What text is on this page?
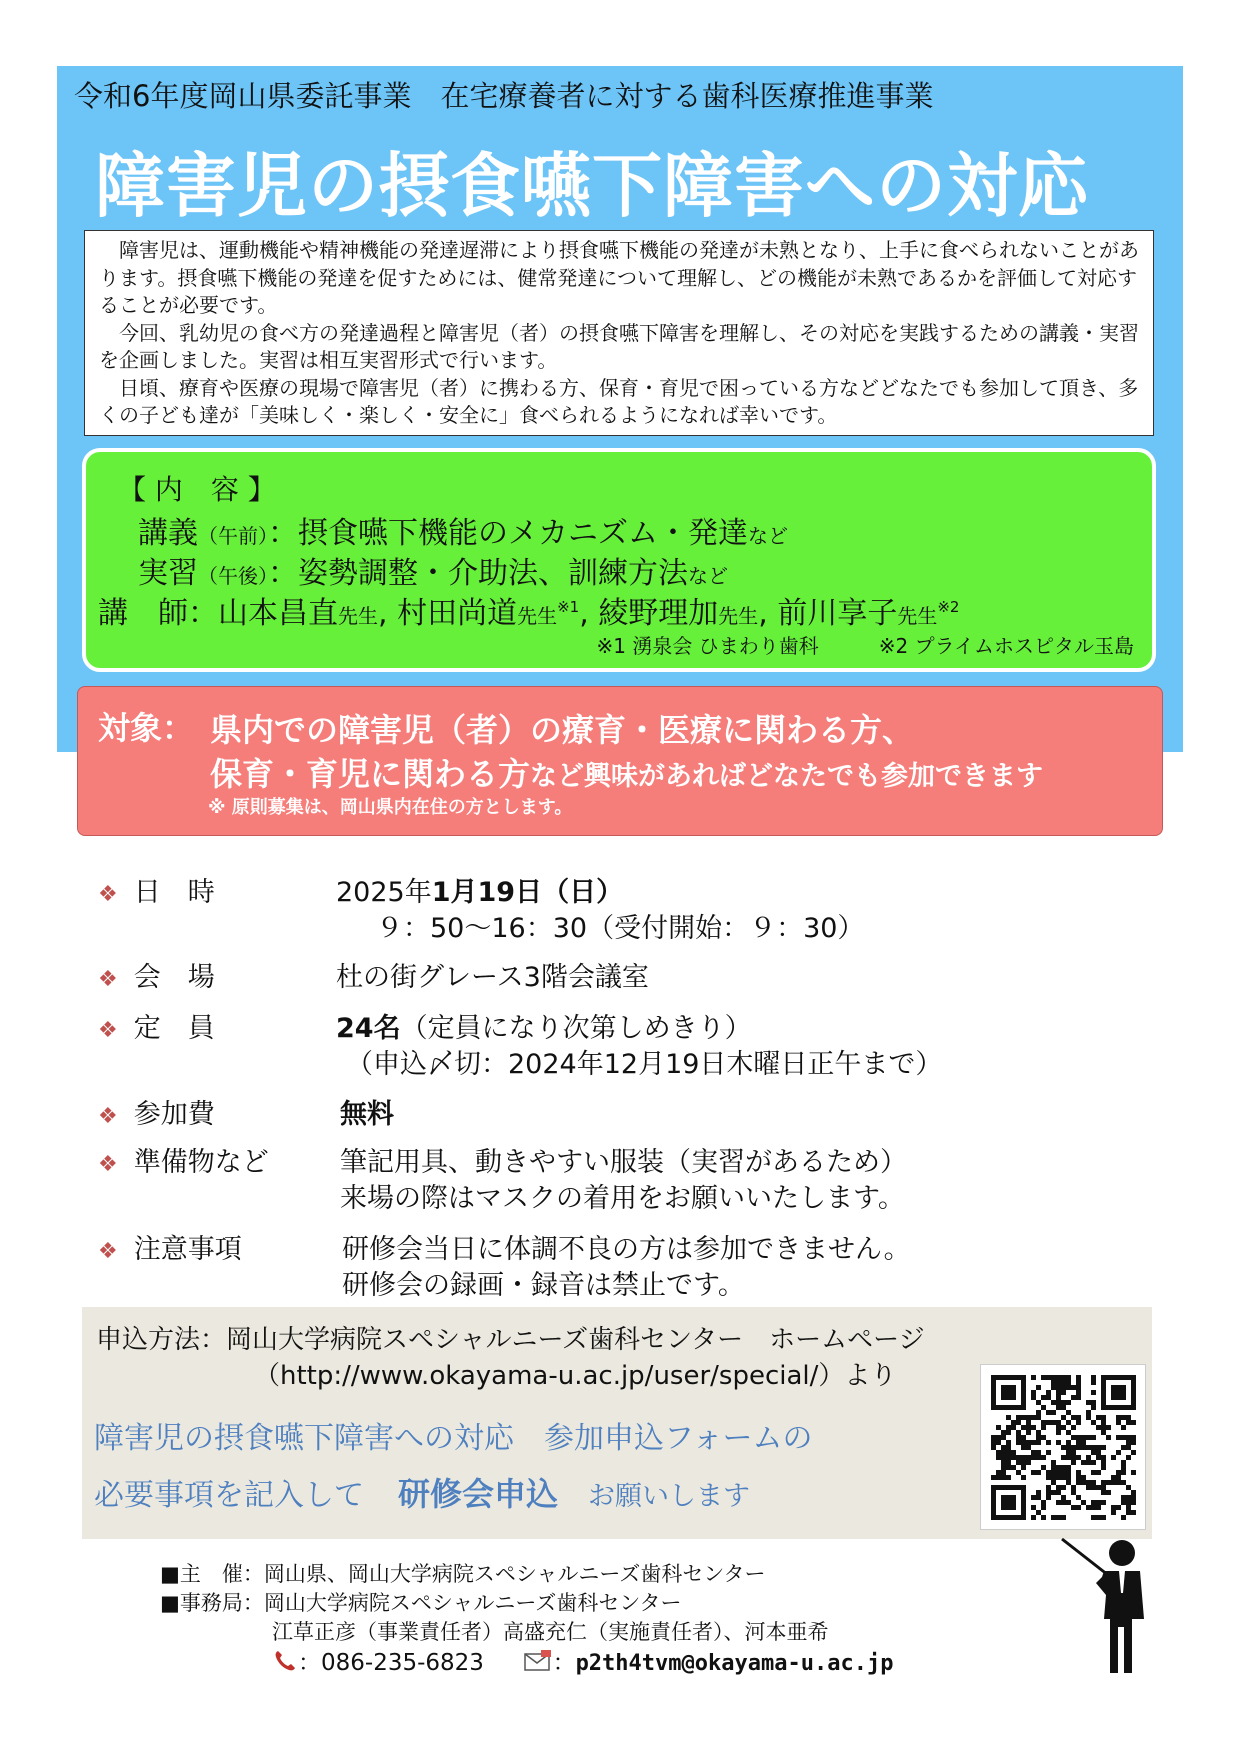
令和6年度岡山県委託事業　在宅療養者に対する歯科医療推進事業
障害児の摂食嚥下障害への対応

障害児は、運動機能や精神機能の発達遅滞により摂食嚥下機能の発達が未熟となり、上手に食べられないことがあります。摂食嚥下機能の発達を促すためには、健常発達について理解し、どの機能が未熟であるかを評価して対応することが必要です。

今回、乳幼児の食べ方の発達過程と障害児（者）の摂食嚥下障害を理解し、その対応を実践するための講義・実習を企画しました。実習は相互実習形式で行います。

日頃、療育や医療の現場で障害児（者）に携わる方、保育・育児で困っている方などどなたでも参加して頂き、多くの子ども達が「美味しく・楽しく・安全に」食べられるようになれば幸いです。

【 内　容 】
講義（午前）：摂食嚥下機能のメカニズム・発達など
実習（午後）：姿勢調整・介助法、訓練方法など
講　師：山本昌直先生, 村田尚道先生$^{※1}$, 綾野理加先生, 前川享子先生$^{※2}$
※1 湧泉会 ひまわり歯科	※2 プライムホスピタル玉島
対象： 県内での障害児（者）の療育・医療に関わる方、
保育・育児に関わる方など興味があればどなたでも参加できます
※ 原則募集は、岡山県内在住の方とします。
❖ 日　時	2025年1月19日（日）
９：50～16：30（受付開始：９：30）
❖ 会　場	杜の街グレース3階会議室
❖ 定　員	24名（定員になり次第しめきり）
（申込〆切：2024年12月19日木曜日正午まで）
❖ 参加費	無料
❖ 準備物など	筆記用具、動きやすい服装（実習があるため）
来場の際はマスクの着用をお願いいたします。
❖ 注意事項	研修会当日に体調不良の方は参加できません。
研修会の録画・録音は禁止です。
申込方法：岡山大学病院スペシャルニーズ歯科センター　ホームページ
（http://www.okayama-u.ac.jp/user/special/）より
障害児の摂食嚥下障害への対応　参加申込フォームの
必要事項を記入して 研修会申込 お願いします
■主　催：岡山県、岡山大学病院スペシャルニーズ歯科センター
■事務局：岡山大学病院スペシャルニーズ歯科センター
江草正彦（事業責任者）高盛充仁（実施責任者）、河本亜希
：086-235-6823	：p2th4tvm@okayama-u.ac.jp
